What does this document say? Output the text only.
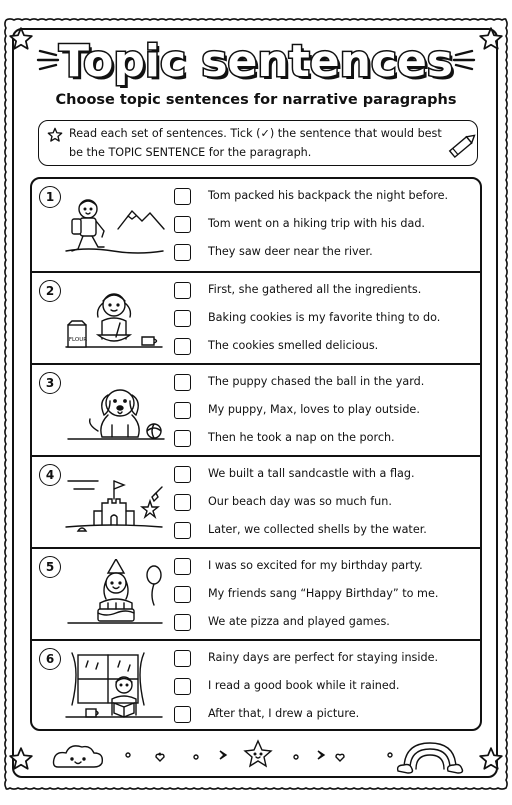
Topic sentences
Choose topic sentences for narrative paragraphs
Read each set of sentences. Tick (✓) the sentence that would best
be the TOPIC SENTENCE for the paragraph.
1	Tom packed his backpack the night before.
Tom went on a hiking trip with his dad.
They saw deer near the river.
2
FLOUR
First, she gathered all the ingredients.
Baking cookies is my favorite thing to do.
The cookies smelled delicious.
3	The puppy chased the ball in the yard.
My puppy, Max, loves to play outside.
Then he took a nap on the porch.
4	We built a tall sandcastle with a flag.
Our beach day was so much fun.
Later, we collected shells by the water.
5	I was so excited for my birthday party.
My friends sang “Happy Birthday” to me.
We ate pizza and played games.
6	Rainy days are perfect for staying inside.
I read a good book while it rained.
After that, I drew a picture.
